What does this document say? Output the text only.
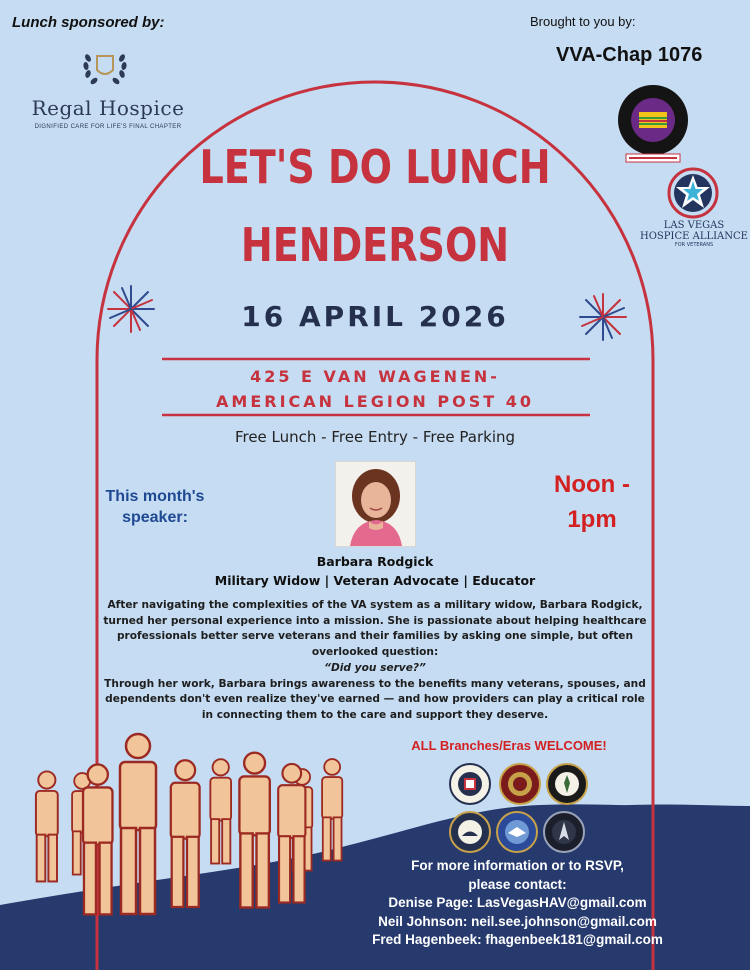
Lunch sponsored by:
Regal Hospice
DIGNIFIED CARE FOR LIFE'S FINAL CHAPTER
Brought to you by:
VVA-Chap 1076
LAS VEGAS
HOSPICE ALLIANCE
FOR VETERANS
LET'S DO LUNCH
HENDERSON
16 APRIL 2026
425 E VAN WAGENEN-
AMERICAN LEGION POST 40
Free Lunch - Free Entry - Free Parking
This month's
speaker:
Noon -
1pm
Barbara Rodgick
Military Widow | Veteran Advocate | Educator

After navigating the complexities of the VA system as a military widow, Barbara Rodgick, turned her personal experience into a mission. She is passionate about helping healthcare professionals better serve veterans and their families by asking one simple, but often overlooked question:

“Did you serve?”

Through her work, Barbara brings awareness to the benefits many veterans, spouses, and dependents don't even realize they've earned — and how providers can play a critical role in connecting them to the care and support they deserve.

ALL Branches/Eras WELCOME!
For more information or to RSVP,
please contact:
Denise Page: LasVegasHAV@gmail.com
Neil Johnson: neil.see.johnson@gmail.com
Fred Hagenbeek: fhagenbeek181@gmail.com
